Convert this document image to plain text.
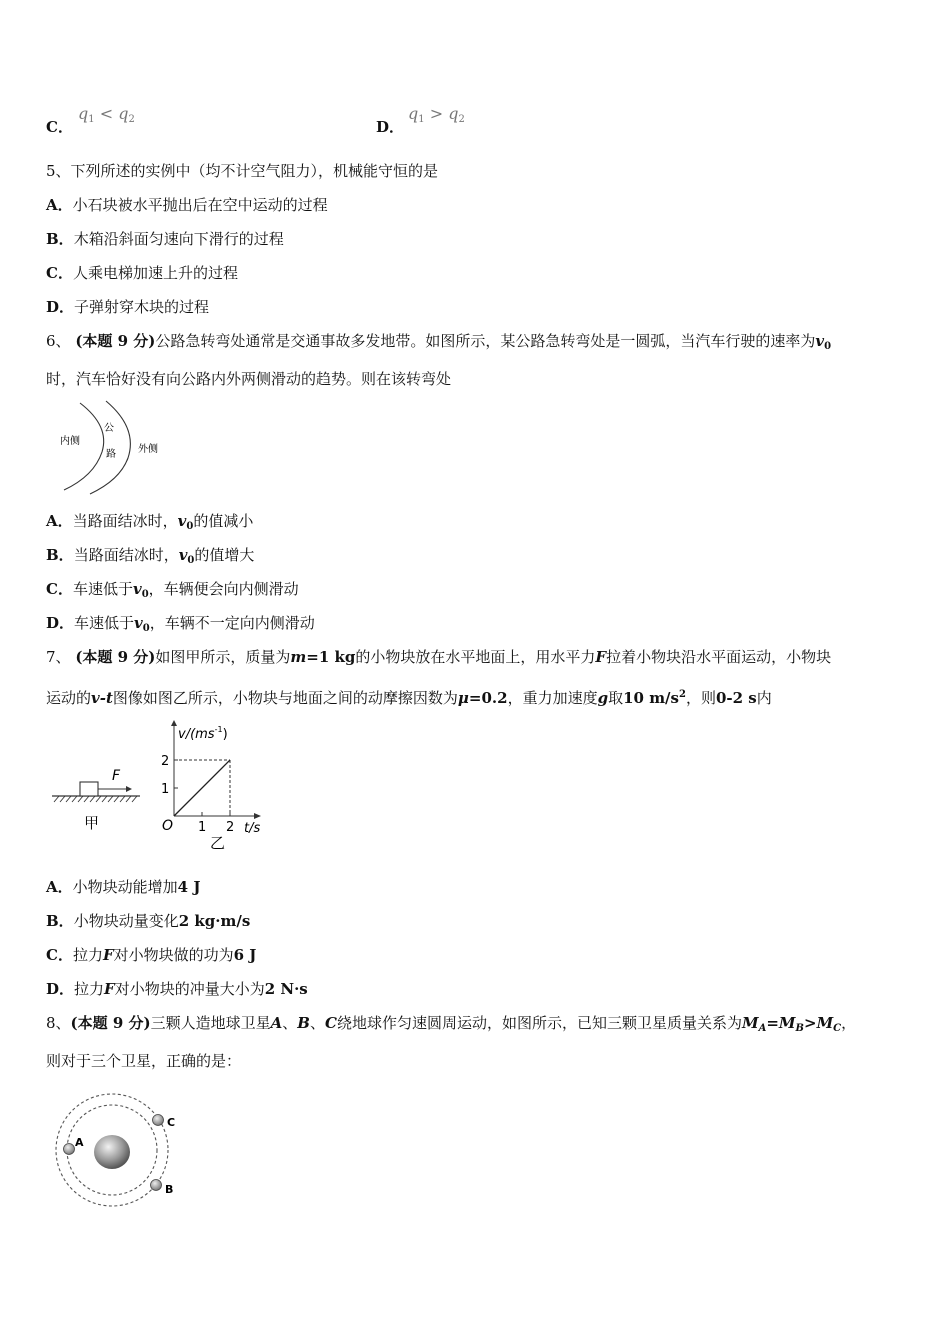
C．
q1 < q2	D．
q1 > q2
5、下列所述的实例中（均不计空气阻力），机械能守恒的是
A．小石块被水平抛出后在空中运动的过程
B．木箱沿斜面匀速向下滑行的过程
C．人乘电梯加速上升的过程
D．子弹射穿木块的过程
6、 (本题 9 分)公路急转弯处通常是交通事故多发地带。如图所示，某公路急转弯处是一圆弧，当汽车行驶的速率为$v_0$
时，汽车恰好没有向公路内外两侧滑动的趋势。则在该转弯处
内侧
公
路 外侧
A．当路面结冰时，$v_0$的值减小
B．当路面结冰时，$v_0$的值增大
C．车速低于$v_0$，车辆便会向内侧滑动
D．车速低于$v_0$，车辆不一定向内侧滑动
7、 (本题 9 分)如图甲所示，质量为m=1 kg的小物块放在水平地面上，用水平力F拉着小物块沿水平面运动，小物块
运动的v-t图像如图乙所示，小物块与地面之间的动摩擦因数为μ=0.2，重力加速度g取10 $m/s^2$，则0-2 s内
F
甲	1 2
1
2
$v/(ms^{-1})$
t/s
O
乙
A．小物块动能增加4 J
B．小物块动量变化2 kg·m/s
C．拉力F对小物块做的功为6 J
D．拉力F对小物块的冲量大小为2 N·s
8、(本题 9 分)三颗人造地球卫星A、B、C绕地球作匀速圆周运动，如图所示，已知三颗卫星质量关系为$M_A=M_B>M_C$，
则对于三个卫星，正确的是：
A
C
B
